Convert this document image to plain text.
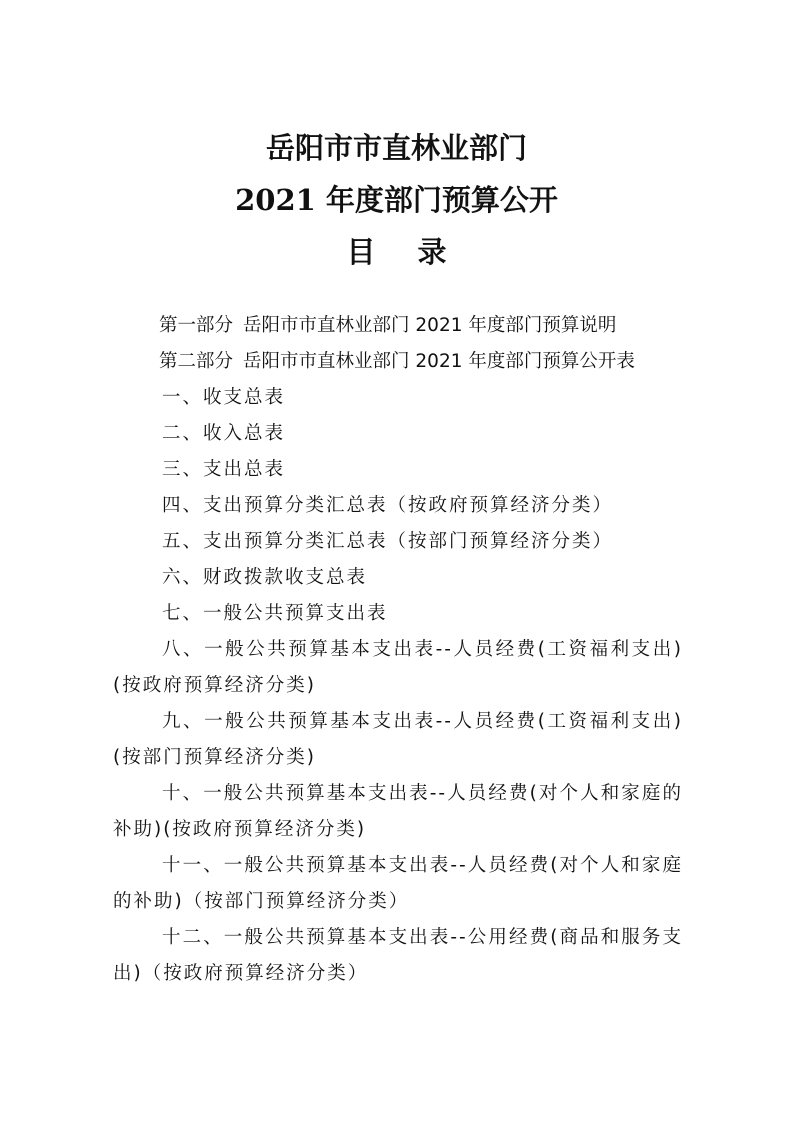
岳阳市市直林业部门
2021 年度部门预算公开
目 录
第一部分 岳阳市市直林业部门 2021 年度部门预算说明
第二部分 岳阳市市直林业部门 2021 年度部门预算公开表
一、收支总表
二、收入总表
三、支出总表
四、支出预算分类汇总表（按政府预算经济分类）
五、支出预算分类汇总表（按部门预算经济分类）
六、财政拨款收支总表
七、一般公共预算支出表
八、一般公共预算基本支出表--人员经费(工资福利支出)(按政府预算经济分类)
九、一般公共预算基本支出表--人员经费(工资福利支出)(按部门预算经济分类)
十、一般公共预算基本支出表--人员经费(对个人和家庭的补助)(按政府预算经济分类)
十一、一般公共预算基本支出表--人员经费(对个人和家庭的补助)（按部门预算经济分类）
十二、一般公共预算基本支出表--公用经费(商品和服务支出)（按政府预算经济分类）
